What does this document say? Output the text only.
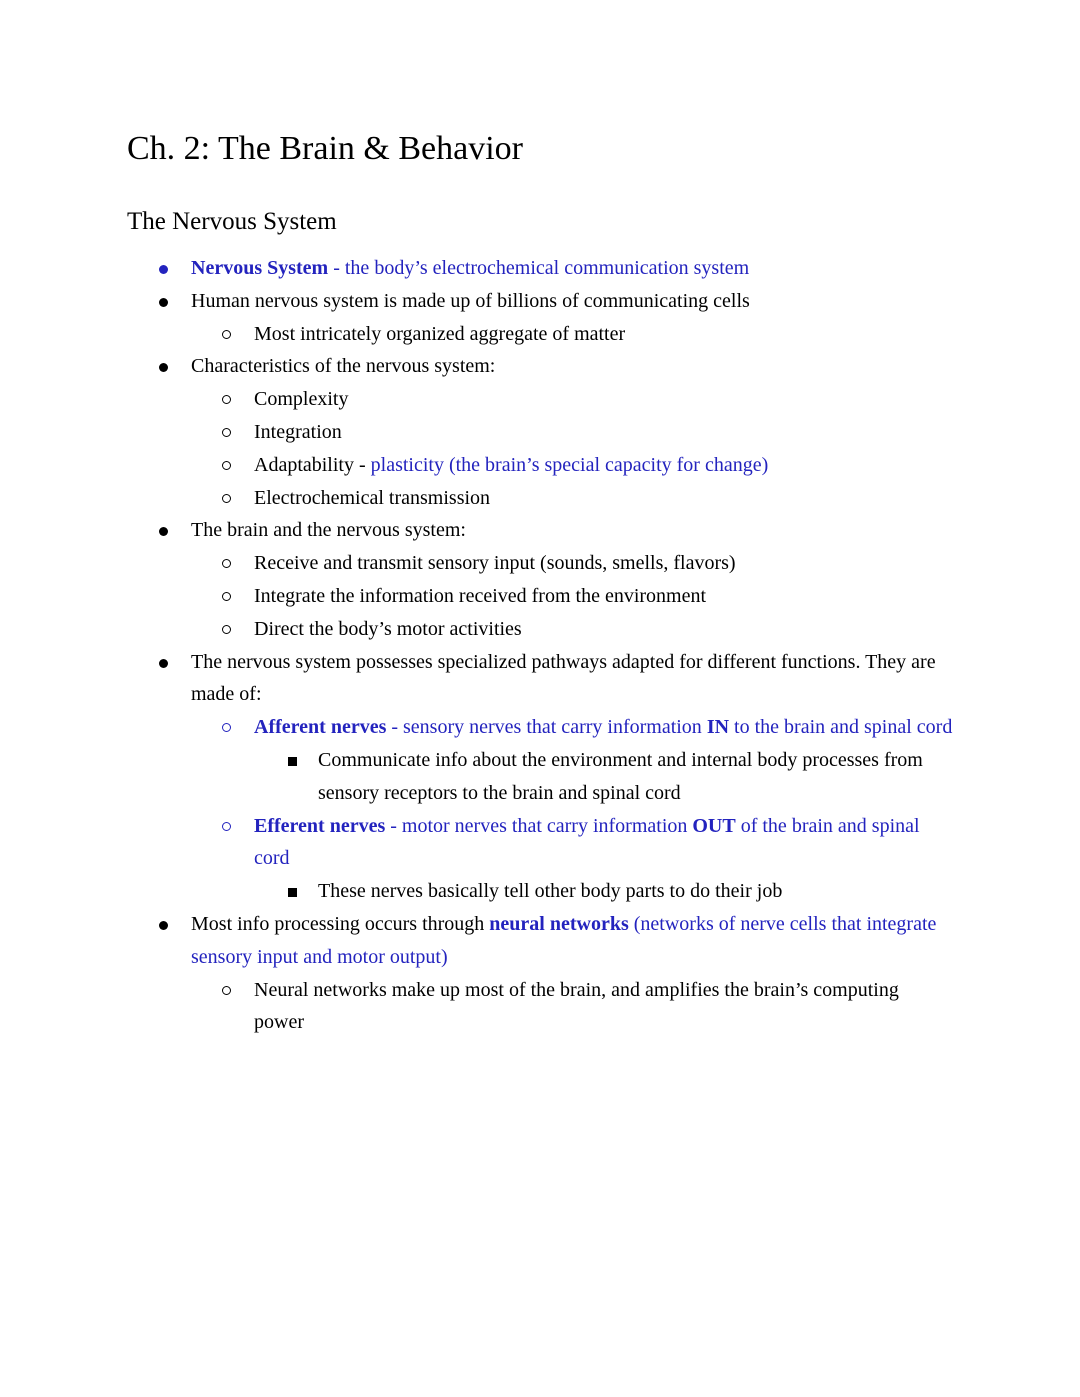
Ch. 2: The Brain & Behavior
The Nervous System
Nervous System - the body’s electrochemical communication system
Human nervous system is made up of billions of communicating cells
Most intricately organized aggregate of matter
Characteristics of the nervous system:
Complexity
Integration
Adaptability - plasticity (the brain’s special capacity for change)
Electrochemical transmission
The brain and the nervous system:
Receive and transmit sensory input (sounds, smells, flavors)
Integrate the information received from the environment
Direct the body’s motor activities
The nervous system possesses specialized pathways adapted for different functions. They are made of:
Afferent nerves - sensory nerves that carry information IN to the brain and spinal cord
Communicate info about the environment and internal body processes from sensory receptors to the brain and spinal cord
Efferent nerves - motor nerves that carry information OUT of the brain and spinal cord
These nerves basically tell other body parts to do their job
Most info processing occurs through neural networks (networks of nerve cells that integrate sensory input and motor output)
Neural networks make up most of the brain, and amplifies the brain’s computing power
